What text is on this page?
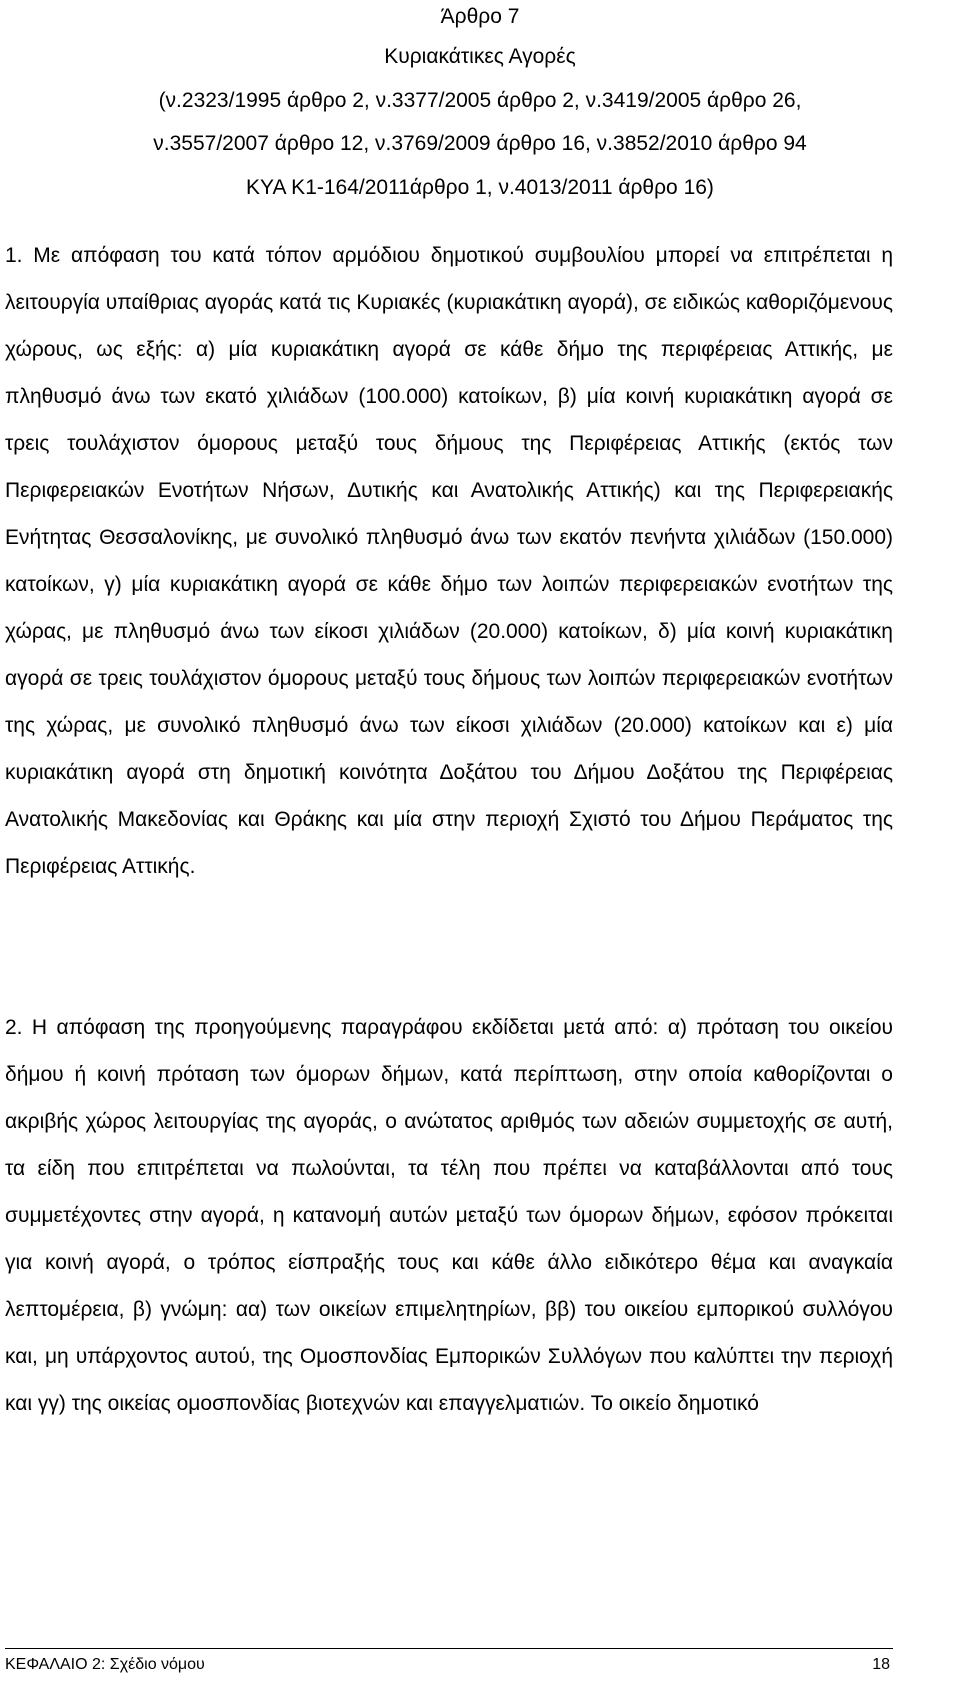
Άρθρο 7
Κυριακάτικες Αγορές
(ν.2323/1995 άρθρο 2, ν.3377/2005 άρθρο 2, ν.3419/2005 άρθρο 26,
ν.3557/2007 άρθρο 12, ν.3769/2009 άρθρο 16, ν.3852/2010 άρθρο 94
ΚΥΑ Κ1-164/2011άρθρο 1, ν.4013/2011 άρθρο 16)

1. Με απόφαση του κατά τόπον αρμόδιου δημοτικού συμβουλίου μπορεί να επιτρέπεται η λειτουργία υπαίθριας αγοράς κατά τις Κυριακές (κυριακάτικη αγορά), σε ειδικώς καθοριζόμενους χώρους, ως εξής: α) μία κυριακάτικη αγορά σε κάθε δήμο της περιφέρειας Αττικής, με πληθυσμό άνω των εκατό χιλιάδων (100.000) κατοίκων, β) μία κοινή κυριακάτικη αγορά σε τρεις τουλάχιστον όμορους μεταξύ τους δήμους της Περιφέρειας Αττικής (εκτός των Περιφερειακών Ενοτήτων Νήσων, Δυτικής και Ανατολικής Αττικής) και της Περιφερειακής Ενήτητας Θεσσαλονίκης, με συνολικό πληθυσμό άνω των εκατόν πενήντα χιλιάδων (150.000) κατοίκων, γ) μία κυριακάτικη αγορά σε κάθε δήμο των λοιπών περιφερειακών ενοτήτων της χώρας, με πληθυσμό άνω των είκοσι χιλιάδων (20.000) κατοίκων, δ) μία κοινή κυριακάτικη αγορά σε τρεις τουλάχιστον όμορους μεταξύ τους δήμους των λοιπών περιφερειακών ενοτήτων της χώρας, με συνολικό πληθυσμό άνω των είκοσι χιλιάδων (20.000) κατοίκων και ε) μία κυριακάτικη αγορά στη δημοτική κοινότητα Δοξάτου του Δήμου Δοξάτου της Περιφέρειας Ανατολικής Μακεδονίας και Θράκης και μία στην περιοχή Σχιστό του Δήμου Περάματος της Περιφέρειας Αττικής.

2. Η απόφαση της προηγούμενης παραγράφου εκδίδεται μετά από: α) πρόταση του οικείου δήμου ή κοινή πρόταση των όμορων δήμων, κατά περίπτωση, στην οποία καθορίζονται ο ακριβής χώρος λειτουργίας της αγοράς, ο ανώτατος αριθμός των αδειών συμμετοχής σε αυτή, τα είδη που επιτρέπεται να πωλούνται, τα τέλη που πρέπει να καταβάλλονται από τους συμμετέχοντες στην αγορά, η κατανομή αυτών μεταξύ των όμορων δήμων, εφόσον πρόκειται για κοινή αγορά, ο τρόπος είσπραξής τους και κάθε άλλο ειδικότερο θέμα και αναγκαία λεπτομέρεια, β) γνώμη: αα) των οικείων επιμελητηρίων, ββ) του οικείου εμπορικού συλλόγου και, μη υπάρχοντος αυτού, της Ομοσπονδίας Εμπορικών Συλλόγων που καλύπτει την περιοχή και γγ) της οικείας ομοσπονδίας βιοτεχνών και επαγγελματιών. Το οικείο δημοτικό

ΚΕΦΑΛΑΙΟ 2: Σχέδιο νόμου	18
